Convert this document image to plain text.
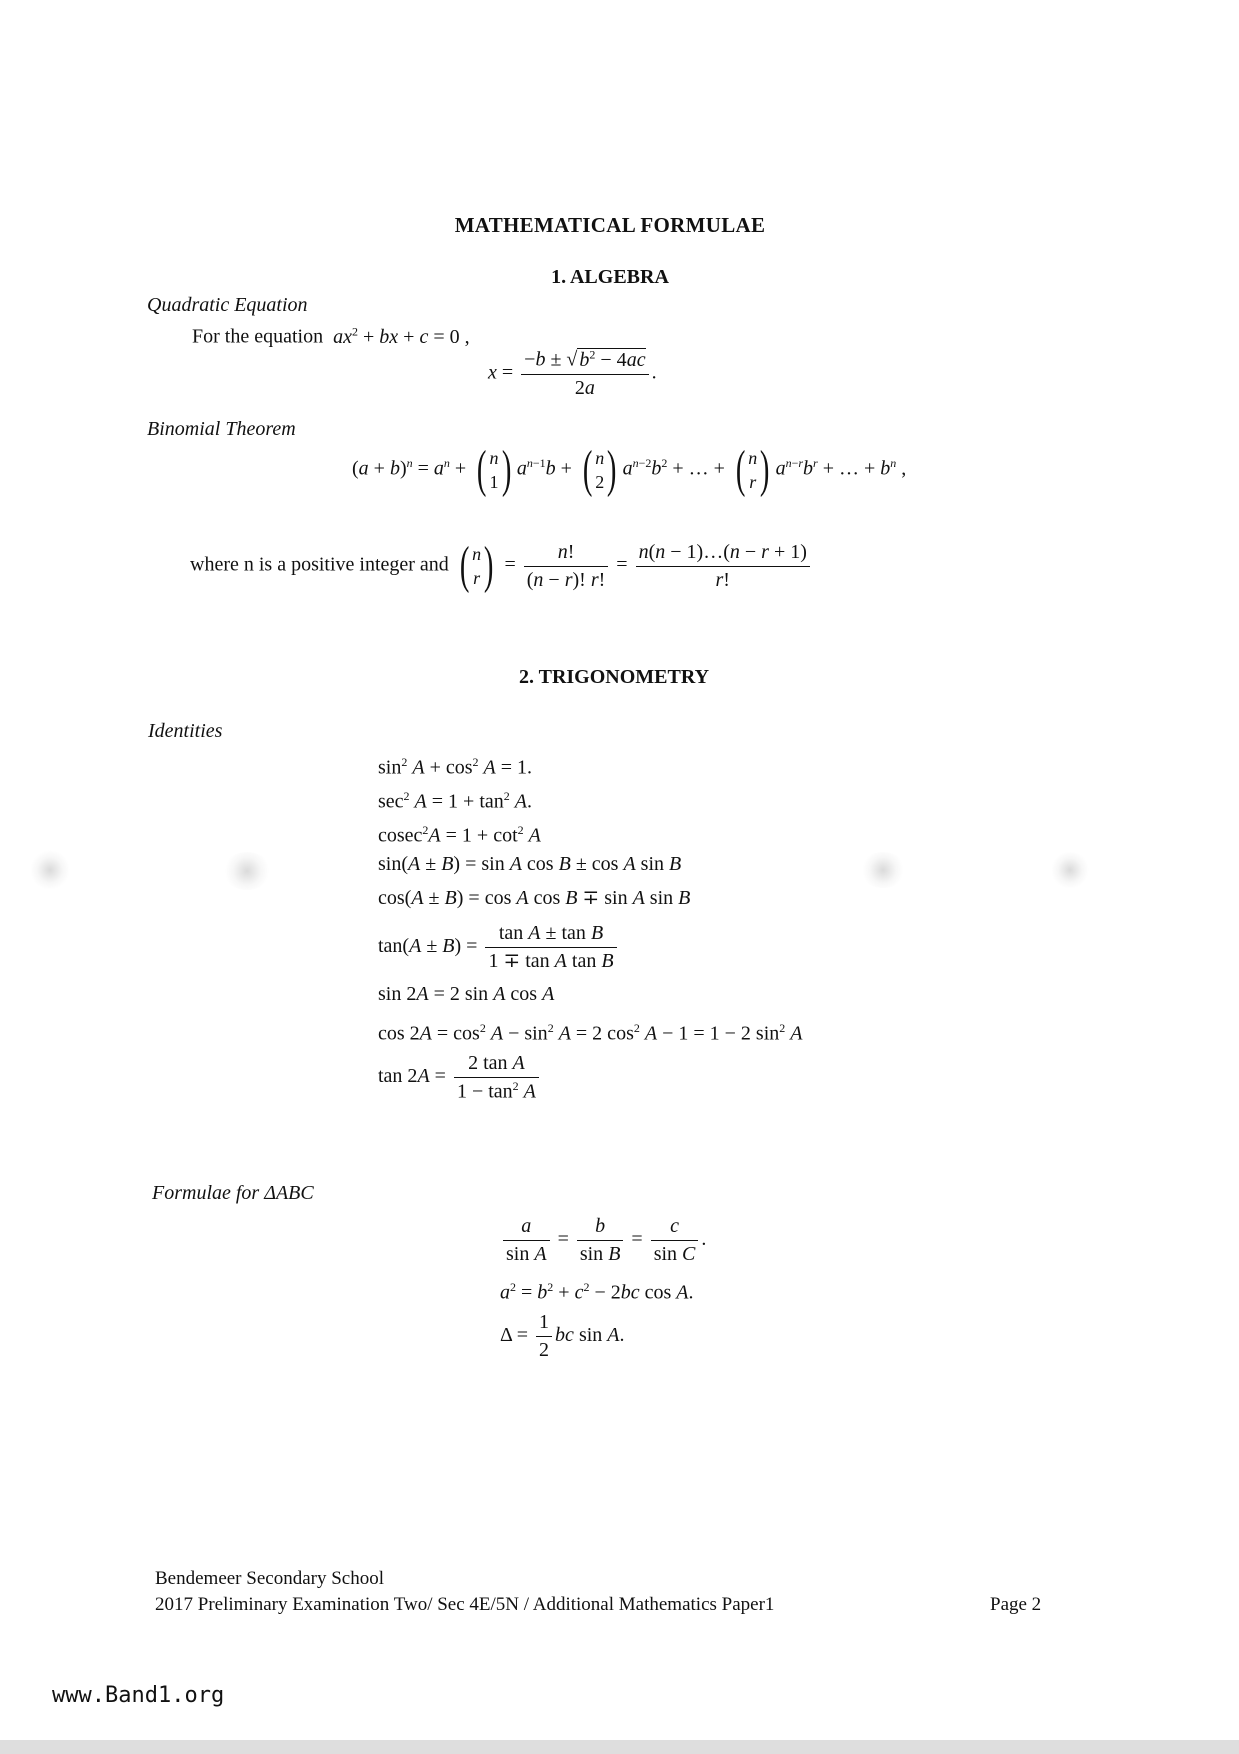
MATHEMATICAL FORMULAE
1. ALGEBRA
Quadratic Equation
For the equation $ax^2$ + bx + c = 0 ,
$x = \frac{-b \pm √ b^2 - 4ac}{2a}$ .
Binomial Theorem
$(a + b)^n = a^n$ + ( n
1 ) $a^{n-1}b$ + ( n
2 ) $a^{n-2}b^2$ + … + ( n
r ) $a^{n-r}b^r$ + … + $b^n$ ,
where n is a positive integer and ( n
r ) = $\frac{n!}{(n - r)! r!} = \frac{n(n - 1)\dots(n - r + 1)}{r!}$
2. TRIGONOMETRY
Identities
$\sin^2 A + \cos^2 A = 1$.
$\sec^2 A = 1 + \tan^2 A$.
$cosec^2A = 1 + \cot^2 A$
sin(A ± B) = sin A cos B ± cos A sin B
cos(A ± B) = cos A cos B ∓ sin A sin B
$\tan(A \pm B) = \frac{\text{tan A ± tan B}}{\text{1 ∓ tan A tan B}}$
sin 2A = 2 sin A cos A
$\cos 2A = \cos^2 A - \sin^2 A = 2$ $\cos^2 A - 1 = 1 - 2$ $\sin^2 A$
$\tan 2A = \frac{\text{2 tan A}}{1 - \tan^2 A}$
Formulae for ΔABC
$\frac{a}{\text{sin A}} = \frac{b}{\text{sin B}} = \frac{c}{\text{sin C}}$ .
$a^2 = b^2 + c^2 - 2bc$ cos A.
$\Delta = \frac{1}{2}$ bc sin A.
Bendemeer Secondary School
2017 Preliminary Examination Two/ Sec 4E/5N / Additional Mathematics Paper1	Page 2
www.Band1.org
